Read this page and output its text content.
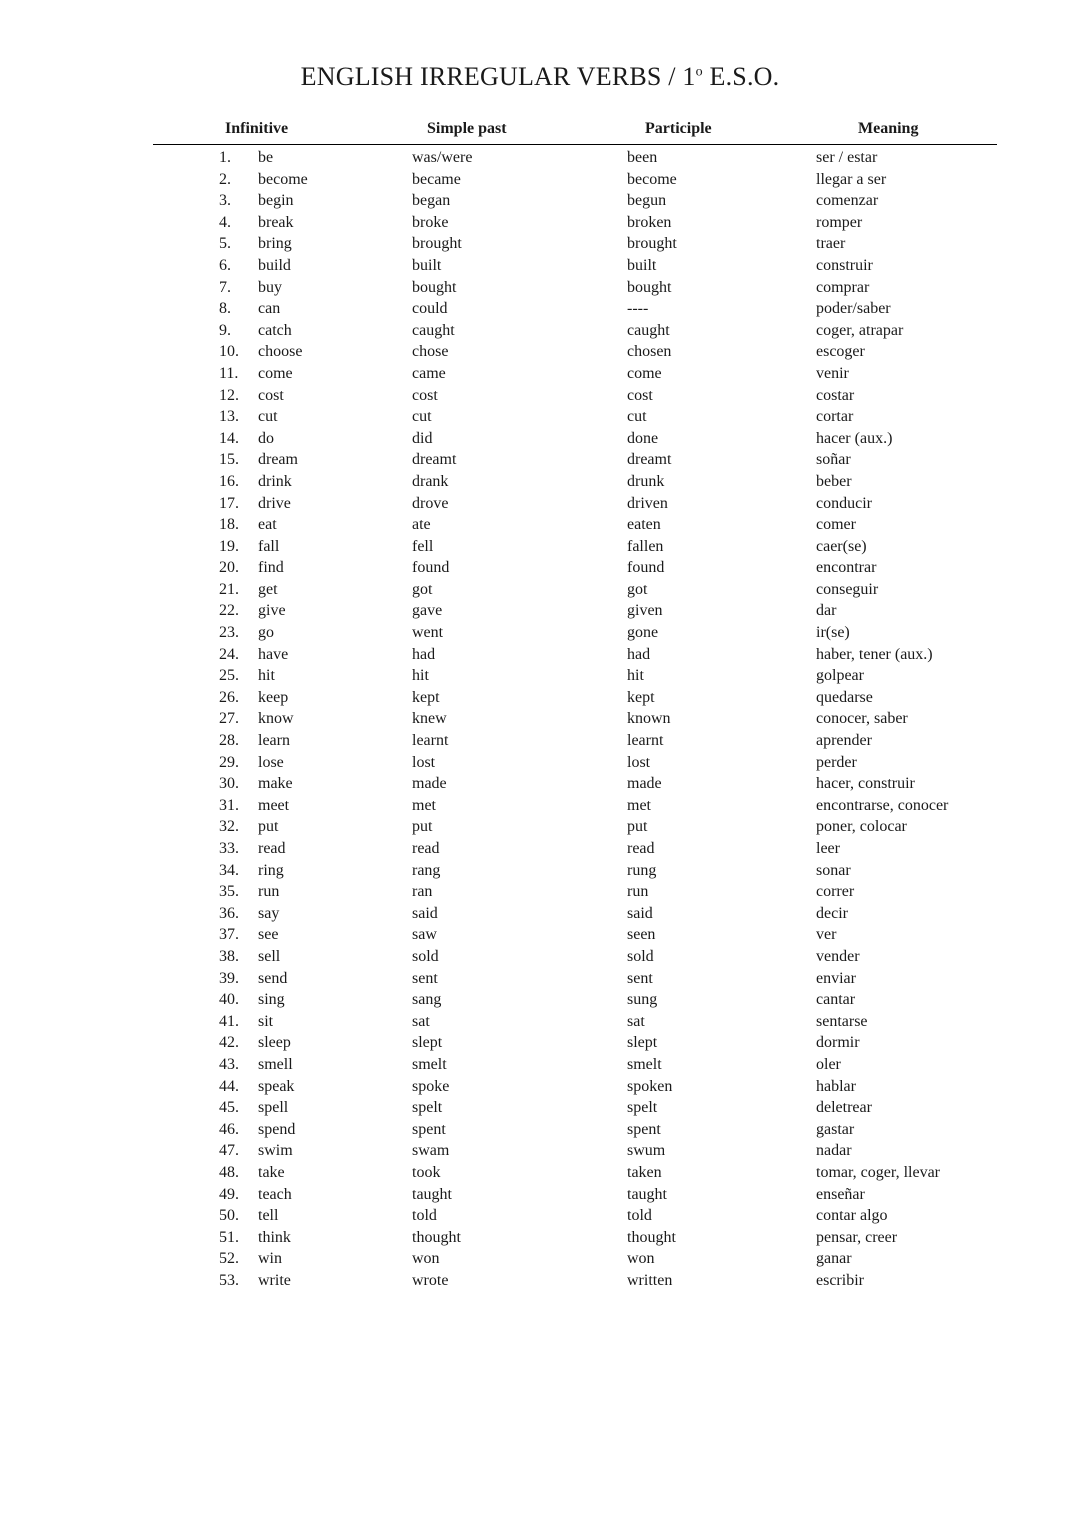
ENGLISH IRREGULAR VERBS / 1$^o$ E.S.O.
Infinitive	Simple past	Participle	Meaning
1. be	was/were	been	ser / estar
2. become	became	become	llegar a ser
3. begin	began	begun	comenzar
4. break	broke	broken	romper
5. bring	brought	brought	traer
6. build	built	built	construir
7. buy	bought	bought	comprar
8. can	could	----	poder/saber
9. catch	caught	caught	coger, atrapar
10. choose	chose	chosen	escoger
11. come	came	come	venir
12. cost	cost	cost	costar
13. cut	cut	cut	cortar
14. do	did	done	hacer (aux.)
15. dream	dreamt	dreamt	soñar
16. drink	drank	drunk	beber
17. drive	drove	driven	conducir
18. eat	ate	eaten	comer
19. fall	fell	fallen	caer(se)
20. find	found	found	encontrar
21. get	got	got	conseguir
22. give	gave	given	dar
23. go	went	gone	ir(se)
24. have	had	had	haber, tener (aux.)
25. hit	hit	hit	golpear
26. keep	kept	kept	quedarse
27. know	knew	known	conocer, saber
28. learn	learnt	learnt	aprender
29. lose	lost	lost	perder
30. make	made	made	hacer, construir
31. meet	met	met	encontrarse, conocer
32. put	put	put	poner, colocar
33. read	read	read	leer
34. ring	rang	rung	sonar
35. run	ran	run	correr
36. say	said	said	decir
37. see	saw	seen	ver
38. sell	sold	sold	vender
39. send	sent	sent	enviar
40. sing	sang	sung	cantar
41. sit	sat	sat	sentarse
42. sleep	slept	slept	dormir
43. smell	smelt	smelt	oler
44. speak	spoke	spoken	hablar
45. spell	spelt	spelt	deletrear
46. spend	spent	spent	gastar
47. swim	swam	swum	nadar
48. take	took	taken	tomar, coger, llevar
49. teach	taught	taught	enseñar
50. tell	told	told	contar algo
51. think	thought	thought	pensar, creer
52. win	won	won	ganar
53. write	wrote	written	escribir
